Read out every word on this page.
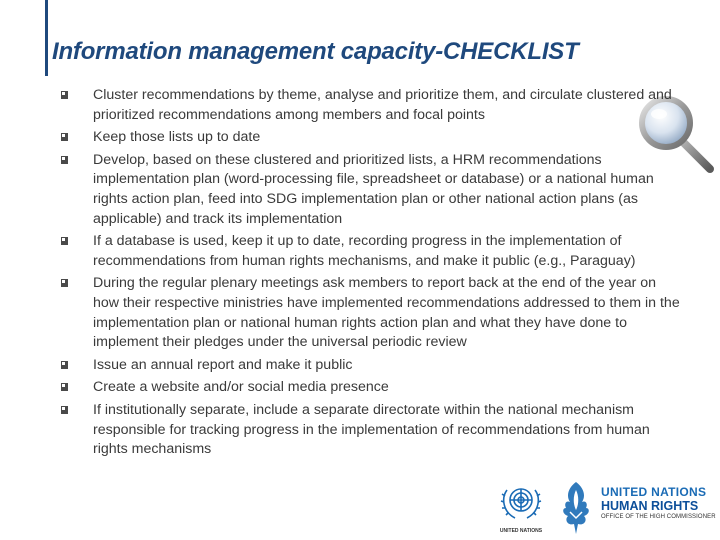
Information management capacity-CHECKLIST
Cluster recommendations by theme, analyse and prioritize them, and circulate clustered and prioritized recommendations among members and focal points
Keep those lists up to date
Develop, based on these clustered and prioritized lists, a HRM recommendations implementation plan (word-processing file, spreadsheet or database) or a national human rights action plan, feed into SDG implementation plan or other national action plans (as applicable) and track its implementation
If a database is used, keep it up to date, recording progress in the implementation of recommendations from human rights mechanisms, and make it public (e.g., Paraguay)
During the regular plenary meetings ask members to report back at the end of the year on how their respective ministries have implemented recommendations addressed to them in the implementation plan or national human rights action plan and what they have done to implement their pledges under the universal periodic review
Issue an annual report and make it public
Create a website and/or social media presence
If institutionally separate, include a separate directorate within the national mechanism responsible for tracking progress in the implementation of recommendations from human rights mechanisms
UNITED NATIONS
UNITED NATIONS
HUMAN RIGHTS
OFFICE OF THE HIGH COMMISSIONER
